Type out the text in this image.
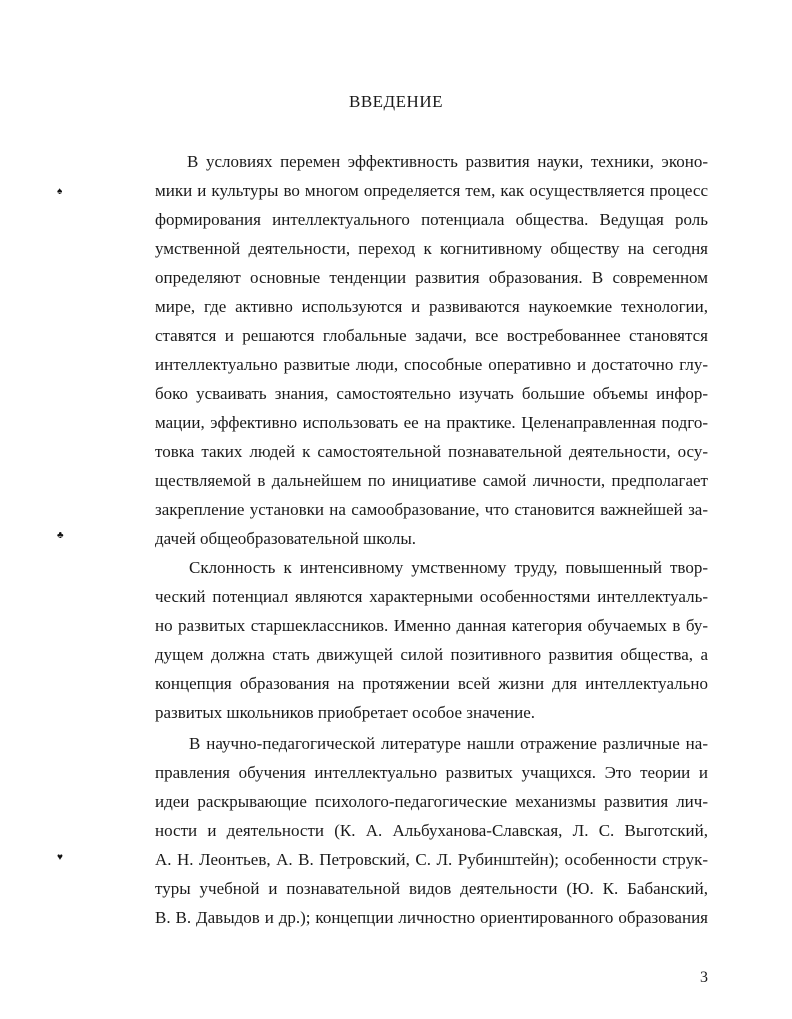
ВВЕДЕНИЕ
В условиях перемен эффективность развития науки, техники, эконо-
мики и культуры во многом определяется тем, как осуществляется процесс
формирования интеллектуального потенциала общества. Ведущая роль
умственной деятельности, переход к когнитивному обществу на сегодня
определяют основные тенденции развития образования. В современном
мире, где активно используются и развиваются наукоемкие технологии,
ставятся и решаются глобальные задачи, все востребованнее становятся
интеллектуально развитые люди, способные оперативно и достаточно глу-
боко усваивать знания, самостоятельно изучать большие объемы инфор-
мации, эффективно использовать ее на практике. Целенаправленная подго-
товка таких людей к самостоятельной познавательной деятельности, осу-
ществляемой в дальнейшем по инициативе самой личности, предполагает
закрепление установки на самообразование, что становится важнейшей за-
дачей общеобразовательной школы.
Склонность к интенсивному умственному труду, повышенный твор-
ческий потенциал являются характерными особенностями интеллектуаль-
но развитых старшеклассников. Именно данная категория обучаемых в бу-
дущем должна стать движущей силой позитивного развития общества, а
концепция образования на протяжении всей жизни для интеллектуально
развитых школьников приобретает особое значение.
В научно-педагогической литературе нашли отражение различные на-
правления обучения интеллектуально развитых учащихся. Это теории и
идеи раскрывающие психолого-педагогические механизмы развития лич-
ности и деятельности (К. А. Альбуханова-Славская, Л. С. Выготский,
А. Н. Леонтьев, А. В. Петровский, С. Л. Рубинштейн); особенности струк-
туры учебной и познавательной видов деятельности (Ю. К. Бабанский,
В. В. Давыдов и др.); концепции личностно ориентированного образования
♠
♣
♥
3
